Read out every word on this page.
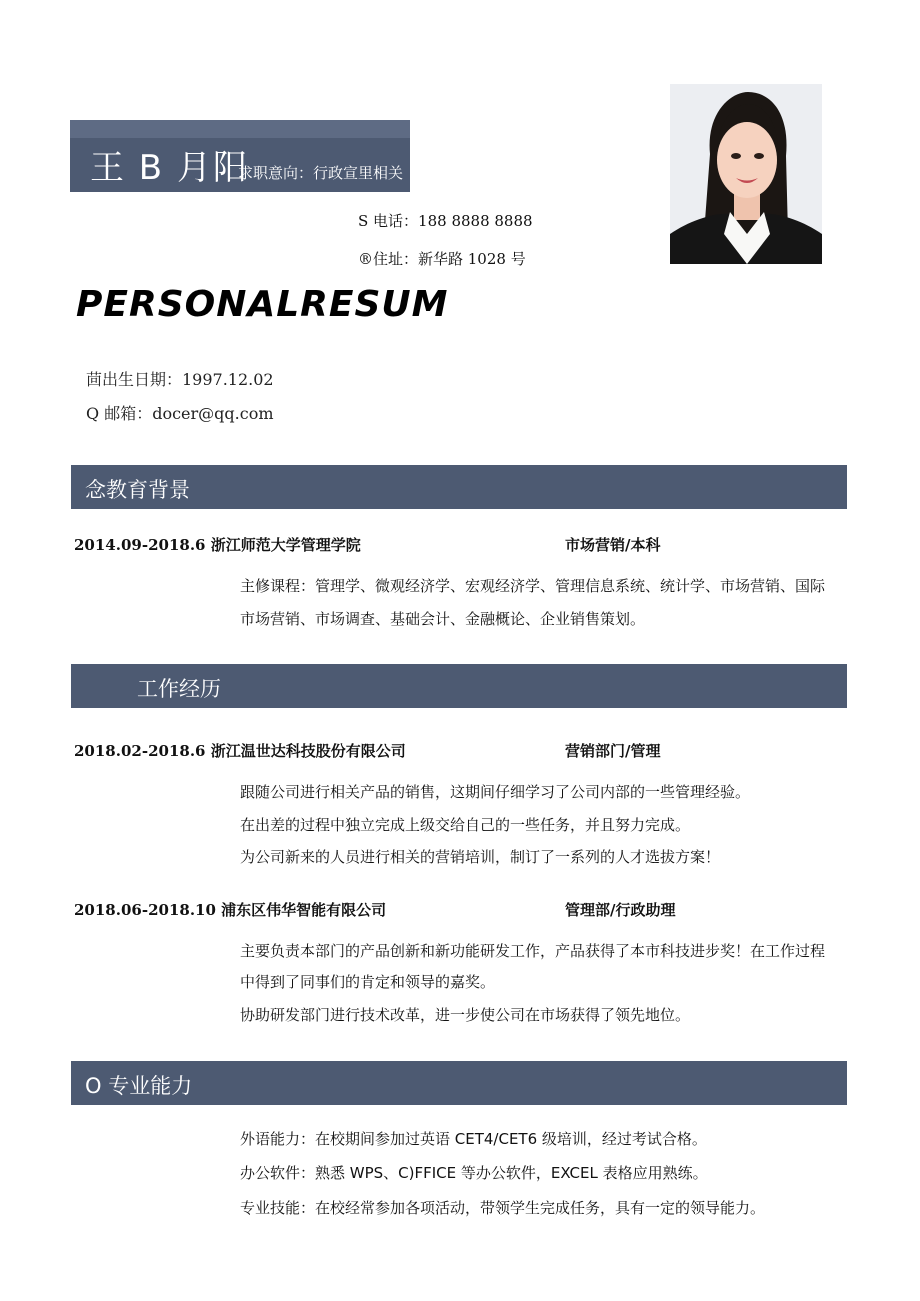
王 B 月阳
求职意向：行政宣里相关
S 电话：188 8888 8888
®住址：新华路 1028 号
PERSONALRESUM
茴出生日期：1997.12.02
Q 邮箱：docer@qq.com
念教育背景
2014.09-2018.6 浙江师范大学管理学院	市场营销/本科
主修课程：管理学、微观经济学、宏观经济学、管理信息系统、统计学、市场营销、国际
市场营销、市场调查、基础会计、金融概论、企业销售策划。
工作经历
2018.02-2018.6 浙江温世达科技股份有限公司	营销部门/管理
跟随公司进行相关产品的销售，这期间仔细学习了公司内部的一些管理经验。
在出差的过程中独立完成上级交给自己的一些任务，并且努力完成。
为公司新来的人员进行相关的营销培训，制订了一系列的人才选拔方案！
2018.06-2018.10 浦东区伟华智能有限公司	管理部/行政助理
主要负责本部门的产品创新和新功能研发工作，产品获得了本市科技进步奖！在工作过程
中得到了同事们的肯定和领导的嘉奖。
协助研发部门进行技术改革，进一步使公司在市场获得了领先地位。
O 专业能力
外语能力：在校期间参加过英语 CET4/CET6 级培训，经过考试合格。
办公软件：熟悉 WPS、C)FFICE 等办公软件，EXCEL 表格应用熟练。
专业技能：在校经常参加各项活动，带领学生完成任务，具有一定的领导能力。
